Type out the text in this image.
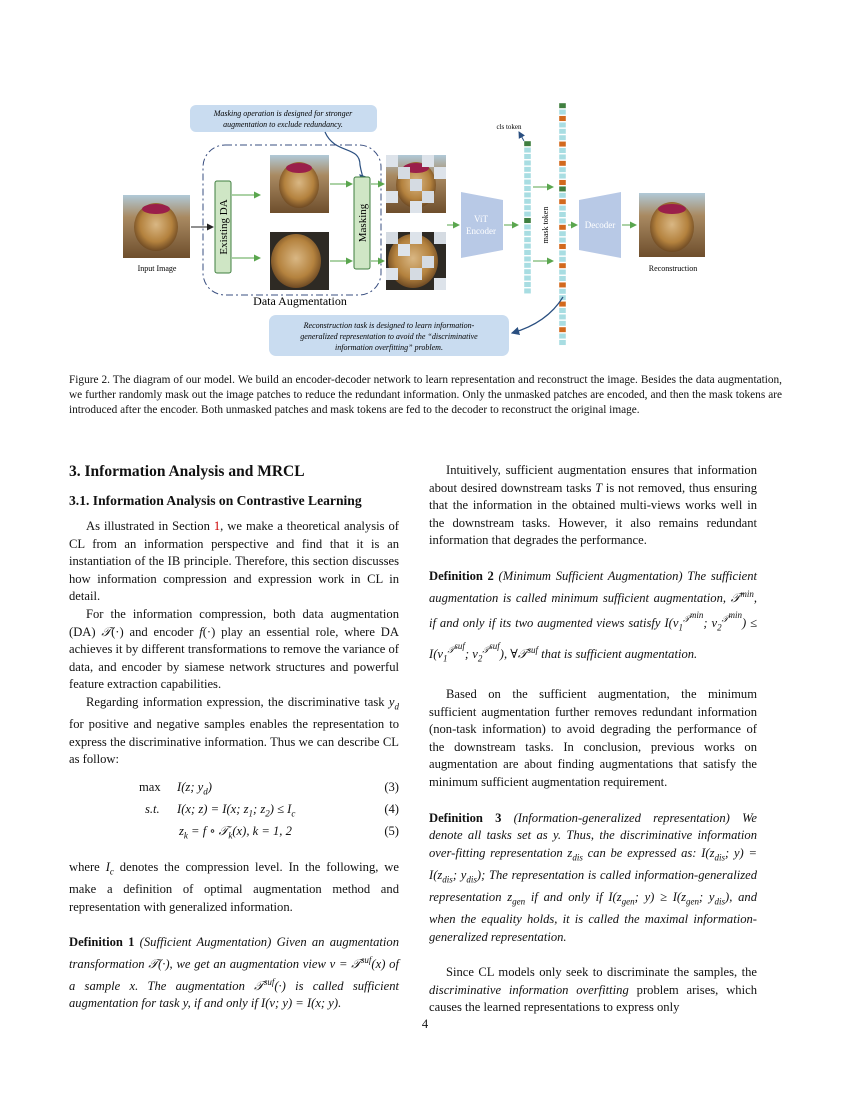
Masking operation is designed for stronger
augmentation to exclude redundancy.
Data Augmentation
Input Image
Existing DA	Masking	ViT
Encoder
cls token
mask token	Decoder
Reconstruction
Reconstruction task is designed to learn information-
generalized representation to avoid the “discriminative
information overfitting” problem.

Figure 2. The diagram of our model. We build an encoder-decoder network to learn representation and reconstruct the image. Besides the data augmentation, we further randomly mask out the image patches to reduce the redundant information. Only the unmasked patches are encoded, and then the mask tokens are introduced after the encoder. Both unmasked patches and mask tokens are fed to the decoder to reconstruct the original image.

3. Information Analysis and MRCL
3.1. Information Analysis on Contrastive Learning

As illustrated in Section 1, we make a theoretical analysis of CL from an information perspective and find that it is an instantiation of the IB principle. Therefore, this section discusses how information compression and expression work in CL in detail.

For the information compression, both data augmentation (DA) 𝒯(·) and encoder f(·) play an essential role, where DA achieves it by different transformations to remove the variance of data, and encoder by siamese network structures and powerful feature extraction capabilities.

Regarding information expression, the discriminative task $y_d$ for positive and negative samples enables the representation to express the discriminative information. Thus we can describe CL as follow:

max I(z; $y_d$)	(3)
s.t. I(x; z) = I(x; $z_1$; $z_2) \le I_c$	(4)
$z_k = f$ ∘ 𝒯$_k$(x), k = 1, 2	(5)

where $I_c$ denotes the compression level. In the following, we make a definition of optimal augmentation method and representation with generalized information.

Definition 1 (Sufficient Augmentation) Given an augmentation transformation 𝒯(·), we get an augmentation view v = 𝒯$^{suf}$(x) of a sample x. The augmentation 𝒯$^{suf}$(·) is called sufficient augmentation for task y, if and only if I(v; y) = I(x; y).

Intuitively, sufficient augmentation ensures that information about desired downstream tasks T is not removed, thus ensuring that the information in the obtained multi-views works well in the downstream tasks. However, it also remains redundant information that degrades the performance.

Definition 2 (Minimum Sufficient Augmentation) The sufficient augmentation is called minimum sufficient augmentation, 𝒯$^{min}$, if and only if its two augmented views satisfy $I(v_1^{𝒯^{min}}$; $v_2^{𝒯^{min}}) \le I(v_1^{𝒯^{suf}}$; $v_2^{𝒯^{suf}}$), ∀𝒯$^{suf}$ that is sufficient augmentation.

Based on the sufficient augmentation, the minimum sufficient augmentation further removes redundant information (non-task information) to avoid degrading the performance of the downstream tasks. In conclusion, previous works on augmentation are about finding augmentations that satisfy the minimum sufficient augmentation requirement.

Definition 3 (Information-generalized representation) We denote all tasks set as y. Thus, the discriminative information over-fitting representation $z_{dis}$ can be expressed as: $I(z_{dis}$; $y) = I(z_{dis}$; $y_{dis}$); The representation is called information-generalized representation $z_{gen}$ if and only if $I(z_{gen}$; $y) \ge I(z_{gen}$; $y_{dis}$), and when the equality holds, it is called the maximal information-generalized representation.

Since CL models only seek to discriminate the samples, the discriminative information overfitting problem arises, which causes the learned representations to express only

4
